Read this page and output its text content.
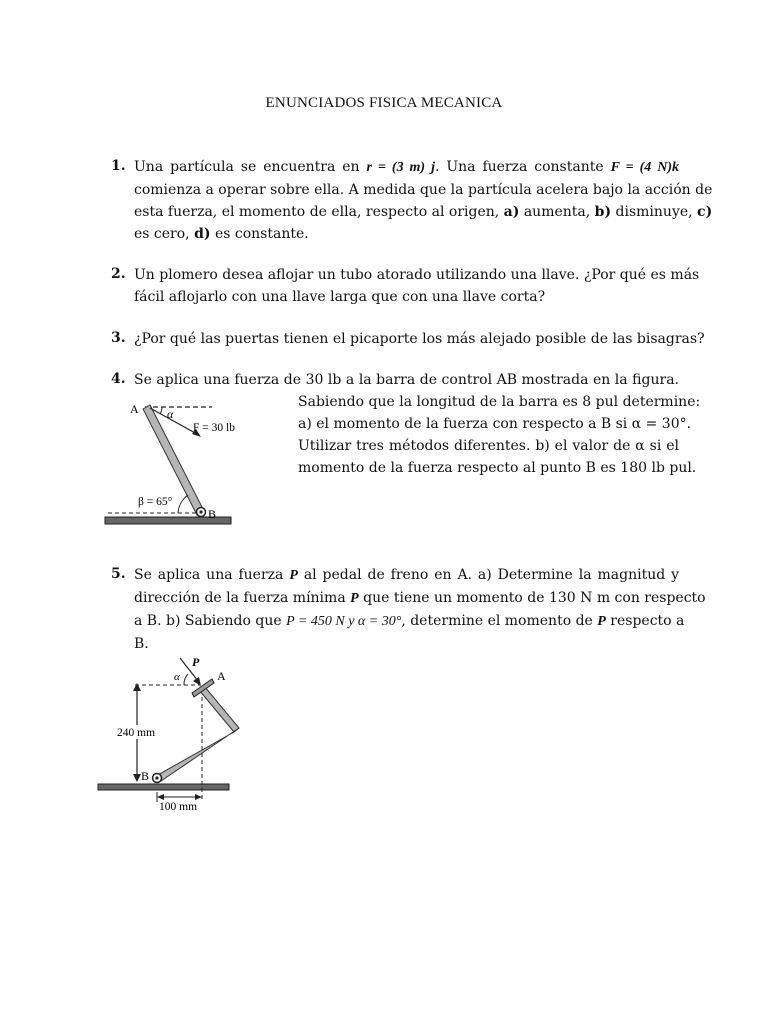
ENUNCIADOS FISICA MECANICA
1. Una partícula se encuentra en r = (3 m) j. Una fuerza constante F = (4 N)k
comienza a operar sobre ella. A medida que la partícula acelera bajo la acción de
esta fuerza, el momento de ella, respecto al origen, a) aumenta, b) disminuye, c)
es cero, d) es constante.
2. Un plomero desea aflojar un tubo atorado utilizando una llave. ¿Por qué es más
fácil aflojarlo con una llave larga que con una llave corta?
3. ¿Por qué las puertas tienen el picaporte los más alejado posible de las bisagras?
4. Se aplica una fuerza de 30 lb a la barra de control AB mostrada en la figura.
Sabiendo que la longitud de la barra es 8 pul determine:
a) el momento de la fuerza con respecto a B si α = 30°.
Utilizar tres métodos diferentes. b) el valor de α si el
momento de la fuerza respecto al punto B es 180 lb pul.
A α
F = 30 lb
β = 65°
B
5. Se aplica una fuerza P al pedal de freno en A. a) Determine la magnitud y
dirección de la fuerza mínima P que tiene un momento de 130 N m con respecto
a B. b) Sabiendo que P = 450 N y α = 30°, determine el momento de P respecto a
B.
P
α	A
240 mm
B
100 mm
